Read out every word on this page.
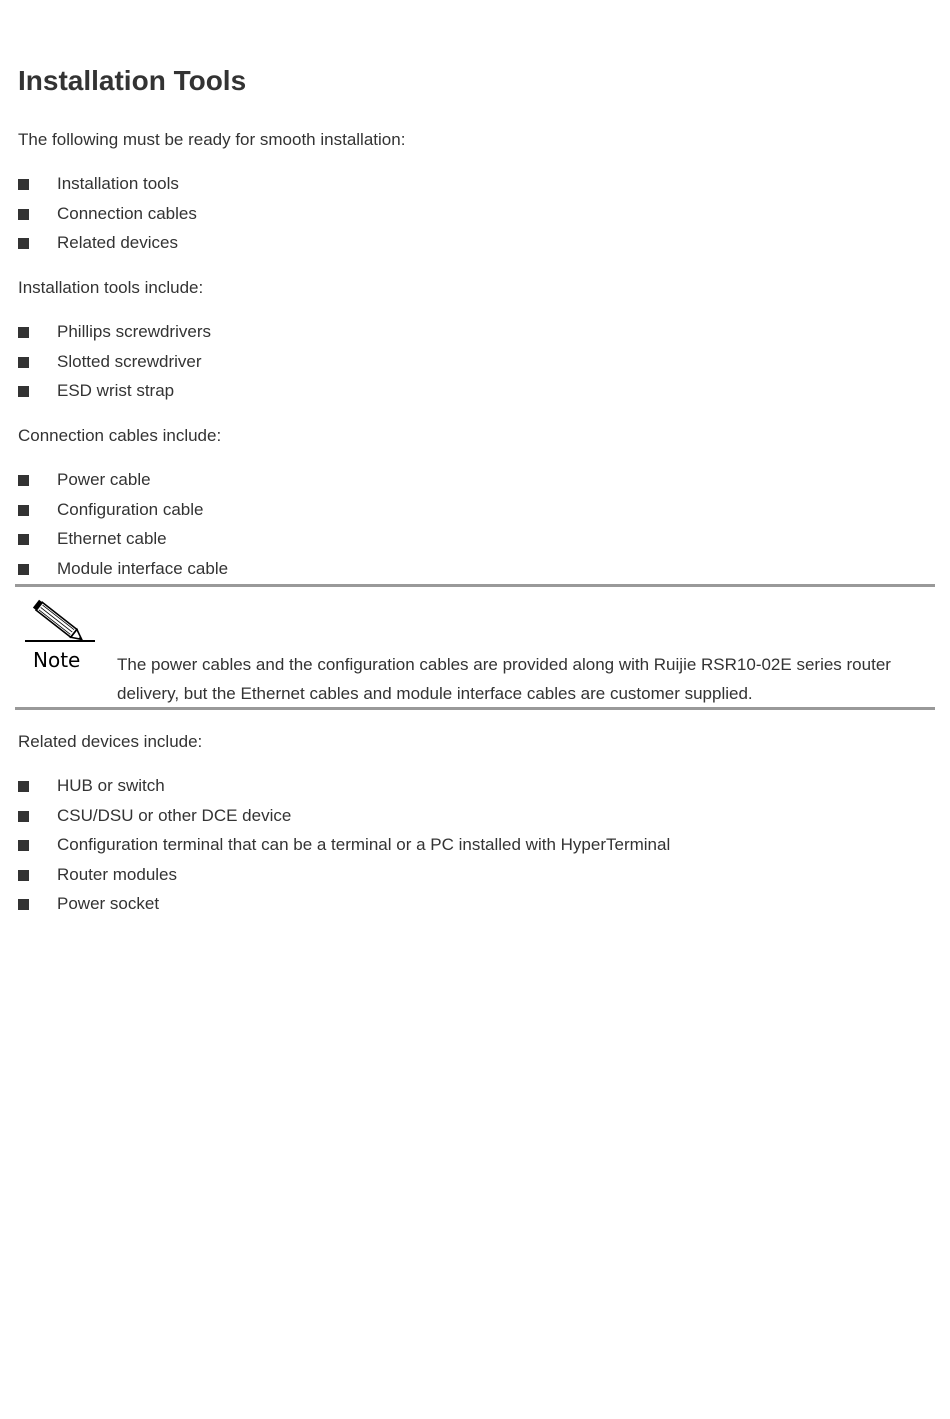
Installation Tools

The following must be ready for smooth installation:

Installation tools
Connection cables
Related devices

Installation tools include:

Phillips screwdrivers
Slotted screwdriver
ESD wrist strap

Connection cables include:

Power cable
Configuration cable
Ethernet cable
Module interface cable
Note The power cables and the configuration cables are provided along with Ruijie RSR10-02E series router delivery, but the Ethernet cables and module interface cables are customer supplied.

Related devices include:

HUB or switch
CSU/DSU or other DCE device
Configuration terminal that can be a terminal or a PC installed with HyperTerminal
Router modules
Power socket
